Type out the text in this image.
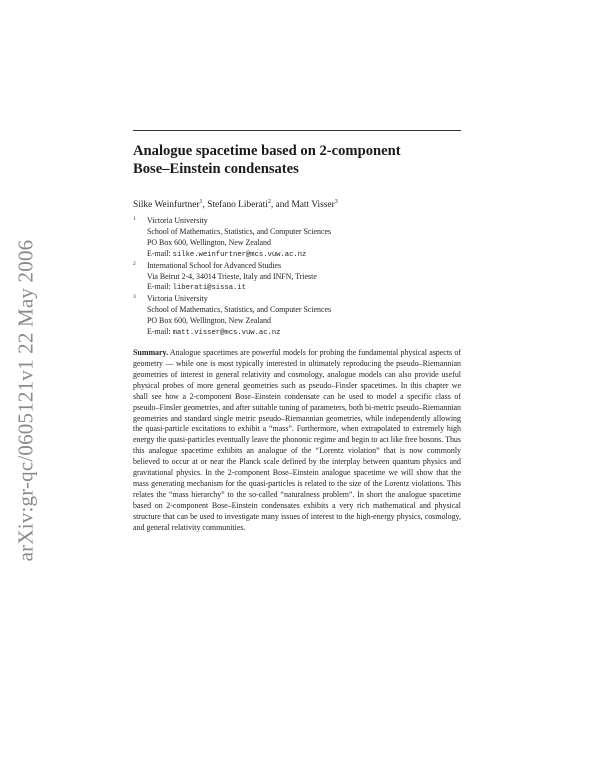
arXiv:gr-qc/0605121v1 22 May 2006
Analogue spacetime based on 2-component
Bose–Einstein condensates
Silke Weinfurtner$^1$, Stefano Liberati$^2$, and Matt Visser$^3$
1 Victoria University
School of Mathematics, Statistics, and Computer Sciences
PO Box 600, Wellington, New Zealand
E-mail: silke.weinfurtner@mcs.vuw.ac.nz
2 International School for Advanced Studies
Via Beirut 2-4, 34014 Trieste, Italy and INFN, Trieste
E-mail: liberati@sissa.it
3 Victoria University
School of Mathematics, Statistics, and Computer Sciences
PO Box 600, Wellington, New Zealand
E-mail: matt.visser@mcs.vuw.ac.nz
Summary. Analogue spacetimes are powerful models for probing the fundamental physical aspects of geometry — while one is most typically interested in ultimately reproducing the pseudo–Riemannian geometries of interest in general relativity and cosmology, analogue models can also provide useful physical probes of more general geometries such as pseudo–Finsler spacetimes. In this chapter we shall see how a 2-component Bose–Einstein condensate can be used to model a specific class of pseudo–Finsler geometries, and after suitable tuning of parameters, both bi-metric pseudo–Riemannian geometries and standard single metric pseudo–Riemannian geometries, while independently allowing the quasi-particle excitations to exhibit a “mass”. Furthermore, when extrapolated to extremely high energy the quasi-particles eventually leave the phononic regime and begin to act like free bosons. Thus this analogue spacetime exhibits an analogue of the “Lorentz violation” that is now commonly believed to occur at or near the Planck scale defined by the interplay between quantum physics and gravitational physics. In the 2-component Bose–Einstein analogue spacetime we will show that the mass generating mechanism for the quasi-particles is related to the size of the Lorentz violations. This relates the “mass hierarchy” to the so-called “naturalness problem”. In short the analogue spacetime based on 2-component Bose–Einstein condensates exhibits a very rich mathematical and physical structure that can be used to investigate many issues of interest to the high-energy physics, cosmology, and general relativity communities.
